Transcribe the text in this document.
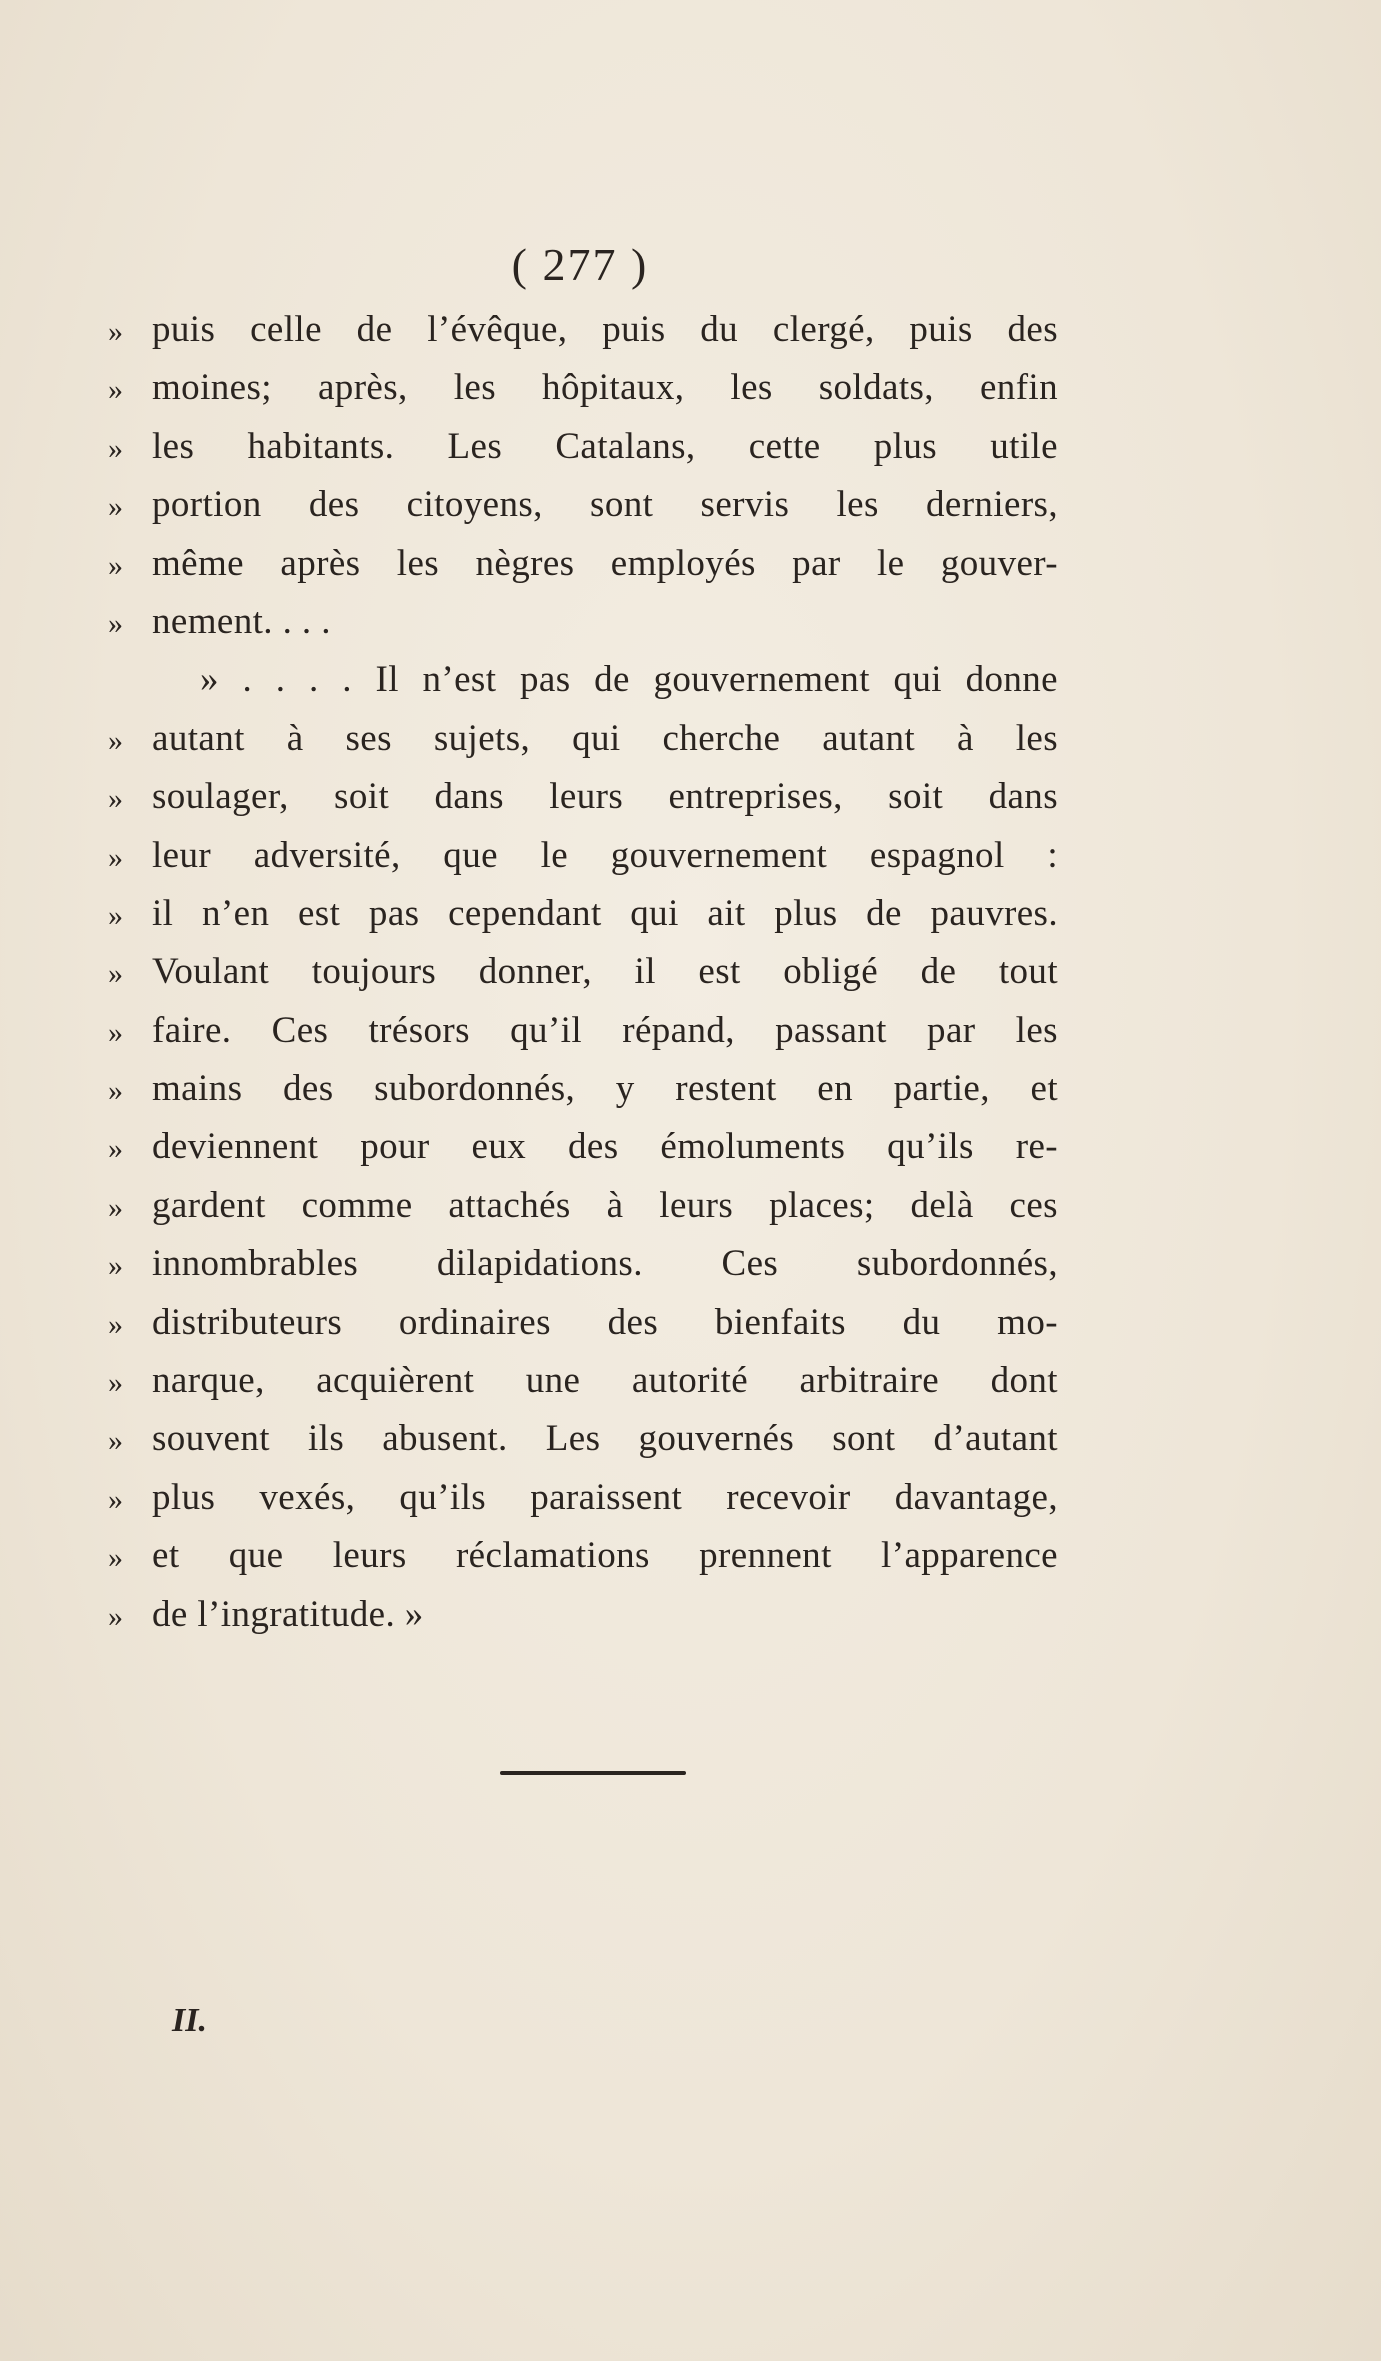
( 277 )
» puis celle de l’évêque, puis du clergé, puis des
» moines; après, les hôpitaux, les soldats, enfin
» les habitants. Les Catalans, cette plus utile
» portion des citoyens, sont servis les derniers,
» même après les nègres employés par le gouver-
» nement. . . .
» . . . . Il n’est pas de gouvernement qui donne
» autant à ses sujets, qui cherche autant à les
» soulager, soit dans leurs entreprises, soit dans
» leur adversité, que le gouvernement espagnol :
» il n’en est pas cependant qui ait plus de pauvres.
» Voulant toujours donner, il est obligé de tout
» faire. Ces trésors qu’il répand, passant par les
» mains des subordonnés, y restent en partie, et
» deviennent pour eux des émoluments qu’ils re-
» gardent comme attachés à leurs places; delà ces
» innombrables dilapidations. Ces subordonnés,
» distributeurs ordinaires des bienfaits du mo-
» narque, acquièrent une autorité arbitraire dont
» souvent ils abusent. Les gouvernés sont d’autant
» plus vexés, qu’ils paraissent recevoir davantage,
» et que leurs réclamations prennent l’apparence
» de l’ingratitude. »
II.
